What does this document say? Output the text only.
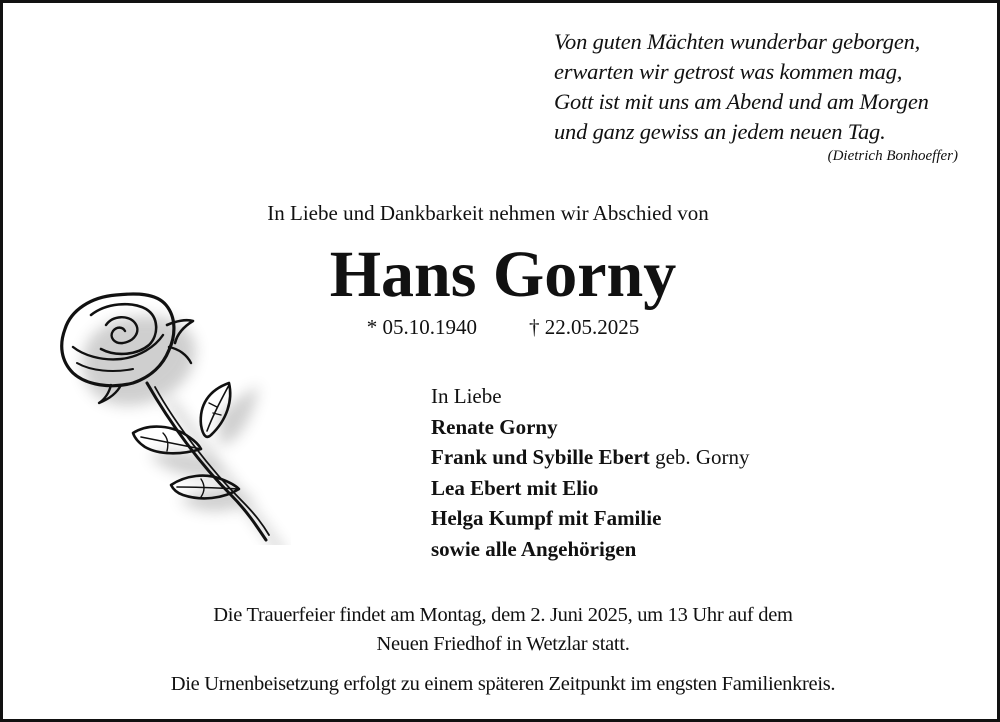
Von guten Mächten wunderbar geborgen,
erwarten wir getrost was kommen mag,
Gott ist mit uns am Abend und am Morgen
und ganz gewiss an jedem neuen Tag.
(Dietrich Bonhoeffer)
In Liebe und Dankbarkeit nehmen wir Abschied von
Hans Gorny
* 05.10.1940 † 22.05.2025
In Liebe
Renate Gorny
Frank und Sybille Ebert geb. Gorny
Lea Ebert mit Elio
Helga Kumpf mit Familie
sowie alle Angehörigen
Die Trauerfeier findet am Montag, dem 2. Juni 2025, um 13 Uhr auf dem
Neuen Friedhof in Wetzlar statt.
Die Urnenbeisetzung erfolgt zu einem späteren Zeitpunkt im engsten Familienkreis.
